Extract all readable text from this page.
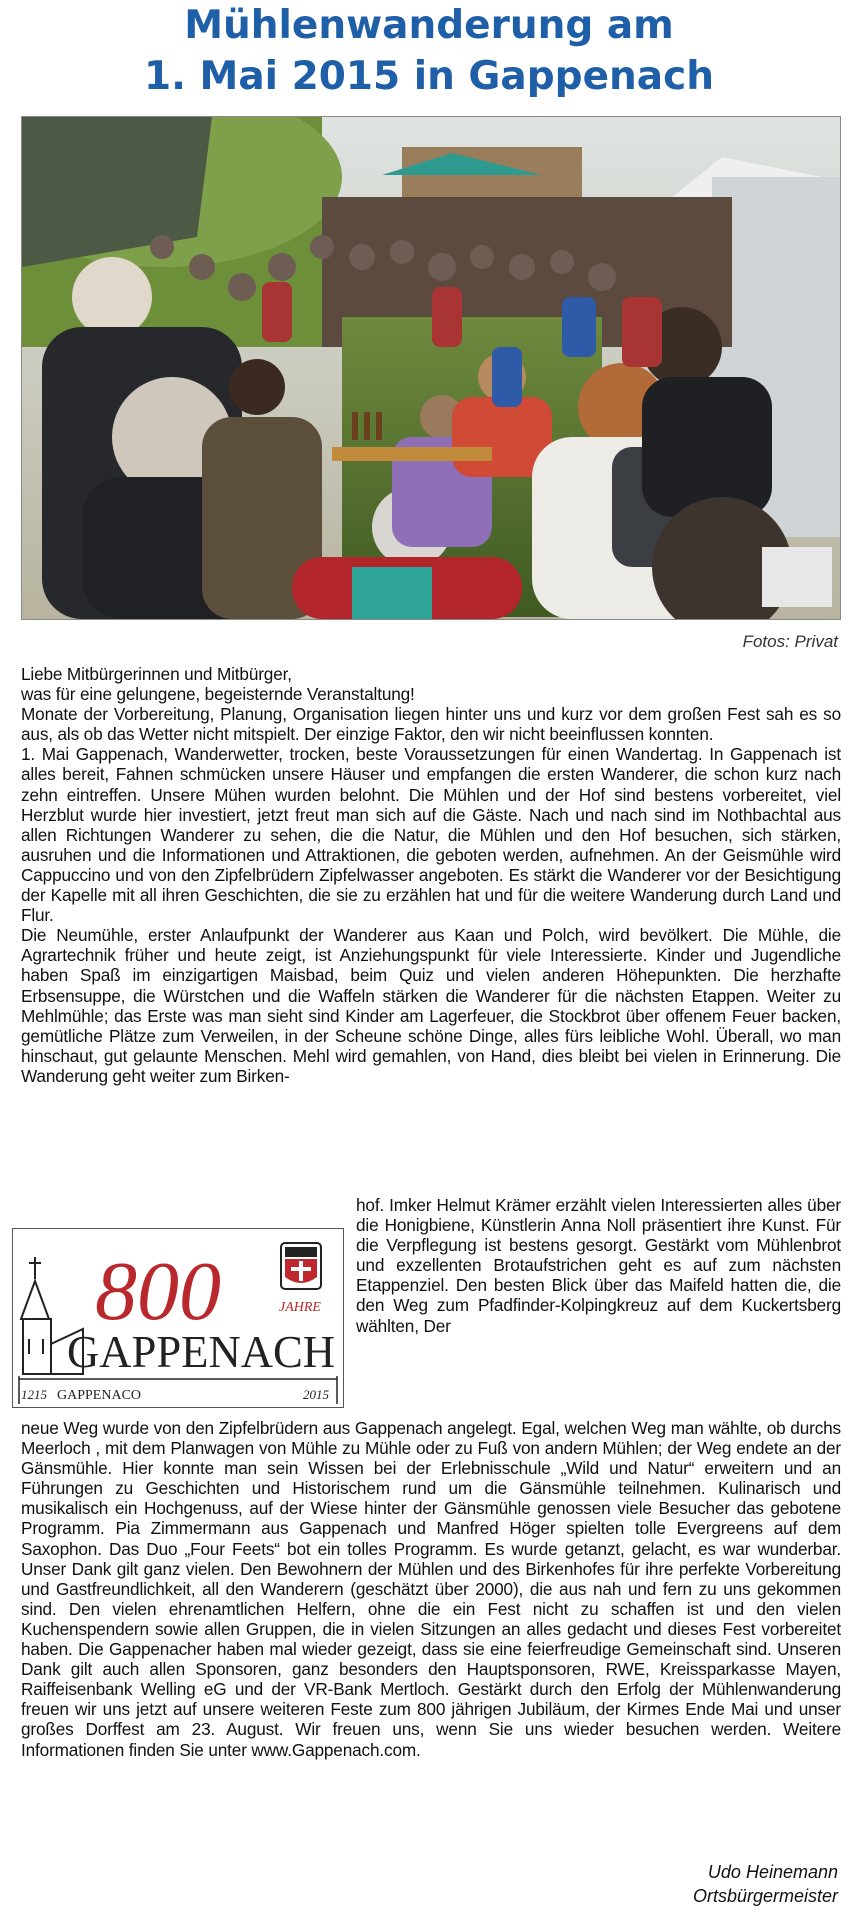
Mühlenwanderung am
1. Mai 2015 in Gappenach
Fotos: Privat
Liebe Mitbürgerinnen und Mitbürger,
was für eine gelungene, begeisternde Veranstaltung!
Monate der Vorbereitung, Planung, Organisation liegen hinter uns und kurz vor dem großen Fest sah es so aus, als ob das Wetter nicht mitspielt. Der einzige Faktor, den wir nicht beeinflussen konnten.
1. Mai Gappenach, Wanderwetter, trocken, beste Voraussetzungen für einen Wandertag. In Gappenach ist alles bereit, Fahnen schmücken unsere Häuser und empfangen die ersten Wanderer, die schon kurz nach zehn eintreffen. Unsere Mühen wurden belohnt. Die Mühlen und der Hof sind bestens vorbereitet, viel Herzblut wurde hier investiert, jetzt freut man sich auf die Gäste. Nach und nach sind im Nothbachtal aus allen Richtungen Wanderer zu sehen, die die Natur, die Mühlen und den Hof besuchen, sich stärken, ausruhen und die Informationen und Attraktionen, die geboten werden, aufnehmen. An der Geismühle wird Cappuccino und von den Zipfelbrüdern Zipfelwasser angeboten. Es stärkt die Wanderer vor der Besichtigung der Kapelle mit all ihren Geschichten, die sie zu erzählen hat und für die weitere Wanderung durch Land und Flur.
Die Neumühle, erster Anlaufpunkt der Wanderer aus Kaan und Polch, wird bevölkert. Die Mühle, die Agrartechnik früher und heute zeigt, ist Anziehungspunkt für viele Interessierte. Kinder und Jugendliche haben Spaß im einzigartigen Maisbad, beim Quiz und vielen anderen Höhepunkten. Die herzhafte Erbsensuppe, die Würstchen und die Waffeln stärken die Wanderer für die nächsten Etappen. Weiter zu Mehlmühle; das Erste was man sieht sind Kinder am Lagerfeuer, die Stockbrot über offenem Feuer backen, gemütliche Plätze zum Verweilen, in der Scheune schöne Dinge, alles fürs leibliche Wohl. Überall, wo man hinschaut, gut gelaunte Menschen. Mehl wird gemahlen, von Hand, dies bleibt bei vielen in Erinnerung. Die Wanderung geht weiter zum Birken-
800	JAHRE
GAPPENACH
1215 GAPPENACO	2015
hof. Imker Helmut Krämer erzählt vielen Interessierten alles über die Honigbiene, Künstlerin Anna Noll präsentiert ihre Kunst. Für die Verpflegung ist bestens gesorgt. Gestärkt vom Mühlenbrot und exzellenten Brotaufstrichen geht es auf zum nächsten Etappenziel. Den besten Blick über das Maifeld hatten die, die den Weg zum Pfadfinder-Kolpingkreuz auf dem Kuckertsberg wählten, Der
neue Weg wurde von den Zipfelbrüdern aus Gappenach angelegt. Egal, welchen Weg man wählte, ob durchs Meerloch , mit dem Planwagen von Mühle zu Mühle oder zu Fuß von andern Mühlen; der Weg endete an der Gänsmühle. Hier konnte man sein Wissen bei der Erlebnisschule „Wild und Natur“ erweitern und an Führungen zu Geschichten und Historischem rund um die Gänsmühle teilnehmen. Kulinarisch und musikalisch ein Hochgenuss, auf der Wiese hinter der Gänsmühle genossen viele Besucher das gebotene Programm. Pia Zimmermann aus Gappenach und Manfred Höger spielten tolle Evergreens auf dem Saxophon. Das Duo „Four Feets“ bot ein tolles Programm. Es wurde getanzt, gelacht, es war wunderbar. Unser Dank gilt ganz vielen. Den Bewohnern der Mühlen und des Birkenhofes für ihre perfekte Vorbereitung und Gastfreundlichkeit, all den Wanderern (geschätzt über 2000), die aus nah und fern zu uns gekommen sind. Den vielen ehrenamtlichen Helfern, ohne die ein Fest nicht zu schaffen ist und den vielen Kuchenspendern sowie allen Gruppen, die in vielen Sitzungen an alles gedacht und dieses Fest vorbereitet haben. Die Gappenacher haben mal wieder gezeigt, dass sie eine feierfreudige Gemeinschaft sind. Unseren Dank gilt auch allen Sponsoren, ganz besonders den Hauptsponsoren, RWE, Kreissparkasse Mayen, Raiffeisenbank Welling eG und der VR-Bank Mertloch. Gestärkt durch den Erfolg der Mühlenwanderung freuen wir uns jetzt auf unsere weiteren Feste zum 800 jährigen Jubiläum, der Kirmes Ende Mai und unser großes Dorffest am 23. August. Wir freuen uns, wenn Sie uns wieder besuchen werden. Weitere Informationen finden Sie unter www.Gappenach.com.
Udo Heinemann
Ortsbürgermeister
